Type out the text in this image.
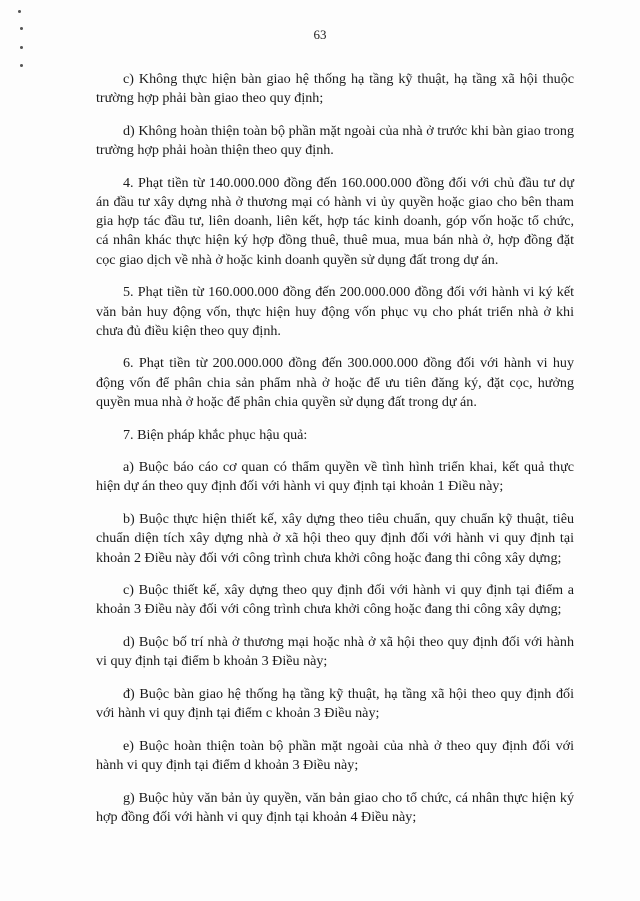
63

c) Không thực hiện bàn giao hệ thống hạ tầng kỹ thuật, hạ tầng xã hội thuộc trường hợp phải bàn giao theo quy định;

d) Không hoàn thiện toàn bộ phần mặt ngoài của nhà ở trước khi bàn giao trong trường hợp phải hoàn thiện theo quy định.

4. Phạt tiền từ 140.000.000 đồng đến 160.000.000 đồng đối với chủ đầu tư dự án đầu tư xây dựng nhà ở thương mại có hành vi ủy quyền hoặc giao cho bên tham gia hợp tác đầu tư, liên doanh, liên kết, hợp tác kinh doanh, góp vốn hoặc tổ chức, cá nhân khác thực hiện ký hợp đồng thuê, thuê mua, mua bán nhà ở, hợp đồng đặt cọc giao dịch về nhà ở hoặc kinh doanh quyền sử dụng đất trong dự án.

5. Phạt tiền từ 160.000.000 đồng đến 200.000.000 đồng đối với hành vi ký kết văn bản huy động vốn, thực hiện huy động vốn phục vụ cho phát triển nhà ở khi chưa đủ điều kiện theo quy định.

6. Phạt tiền từ 200.000.000 đồng đến 300.000.000 đồng đối với hành vi huy động vốn để phân chia sản phẩm nhà ở hoặc để ưu tiên đăng ký, đặt cọc, hưởng quyền mua nhà ở hoặc để phân chia quyền sử dụng đất trong dự án.

7. Biện pháp khắc phục hậu quả:

a) Buộc báo cáo cơ quan có thẩm quyền về tình hình triển khai, kết quả thực hiện dự án theo quy định đối với hành vi quy định tại khoản 1 Điều này;

b) Buộc thực hiện thiết kế, xây dựng theo tiêu chuẩn, quy chuẩn kỹ thuật, tiêu chuẩn diện tích xây dựng nhà ở xã hội theo quy định đối với hành vi quy định tại khoản 2 Điều này đối với công trình chưa khởi công hoặc đang thi công xây dựng;

c) Buộc thiết kế, xây dựng theo quy định đối với hành vi quy định tại điểm a khoản 3 Điều này đối với công trình chưa khởi công hoặc đang thi công xây dựng;

d) Buộc bố trí nhà ở thương mại hoặc nhà ở xã hội theo quy định đối với hành vi quy định tại điểm b khoản 3 Điều này;

đ) Buộc bàn giao hệ thống hạ tầng kỹ thuật, hạ tầng xã hội theo quy định đối với hành vi quy định tại điểm c khoản 3 Điều này;

e) Buộc hoàn thiện toàn bộ phần mặt ngoài của nhà ở theo quy định đối với hành vi quy định tại điểm d khoản 3 Điều này;

g) Buộc hủy văn bản ủy quyền, văn bản giao cho tổ chức, cá nhân thực hiện ký hợp đồng đối với hành vi quy định tại khoản 4 Điều này;
